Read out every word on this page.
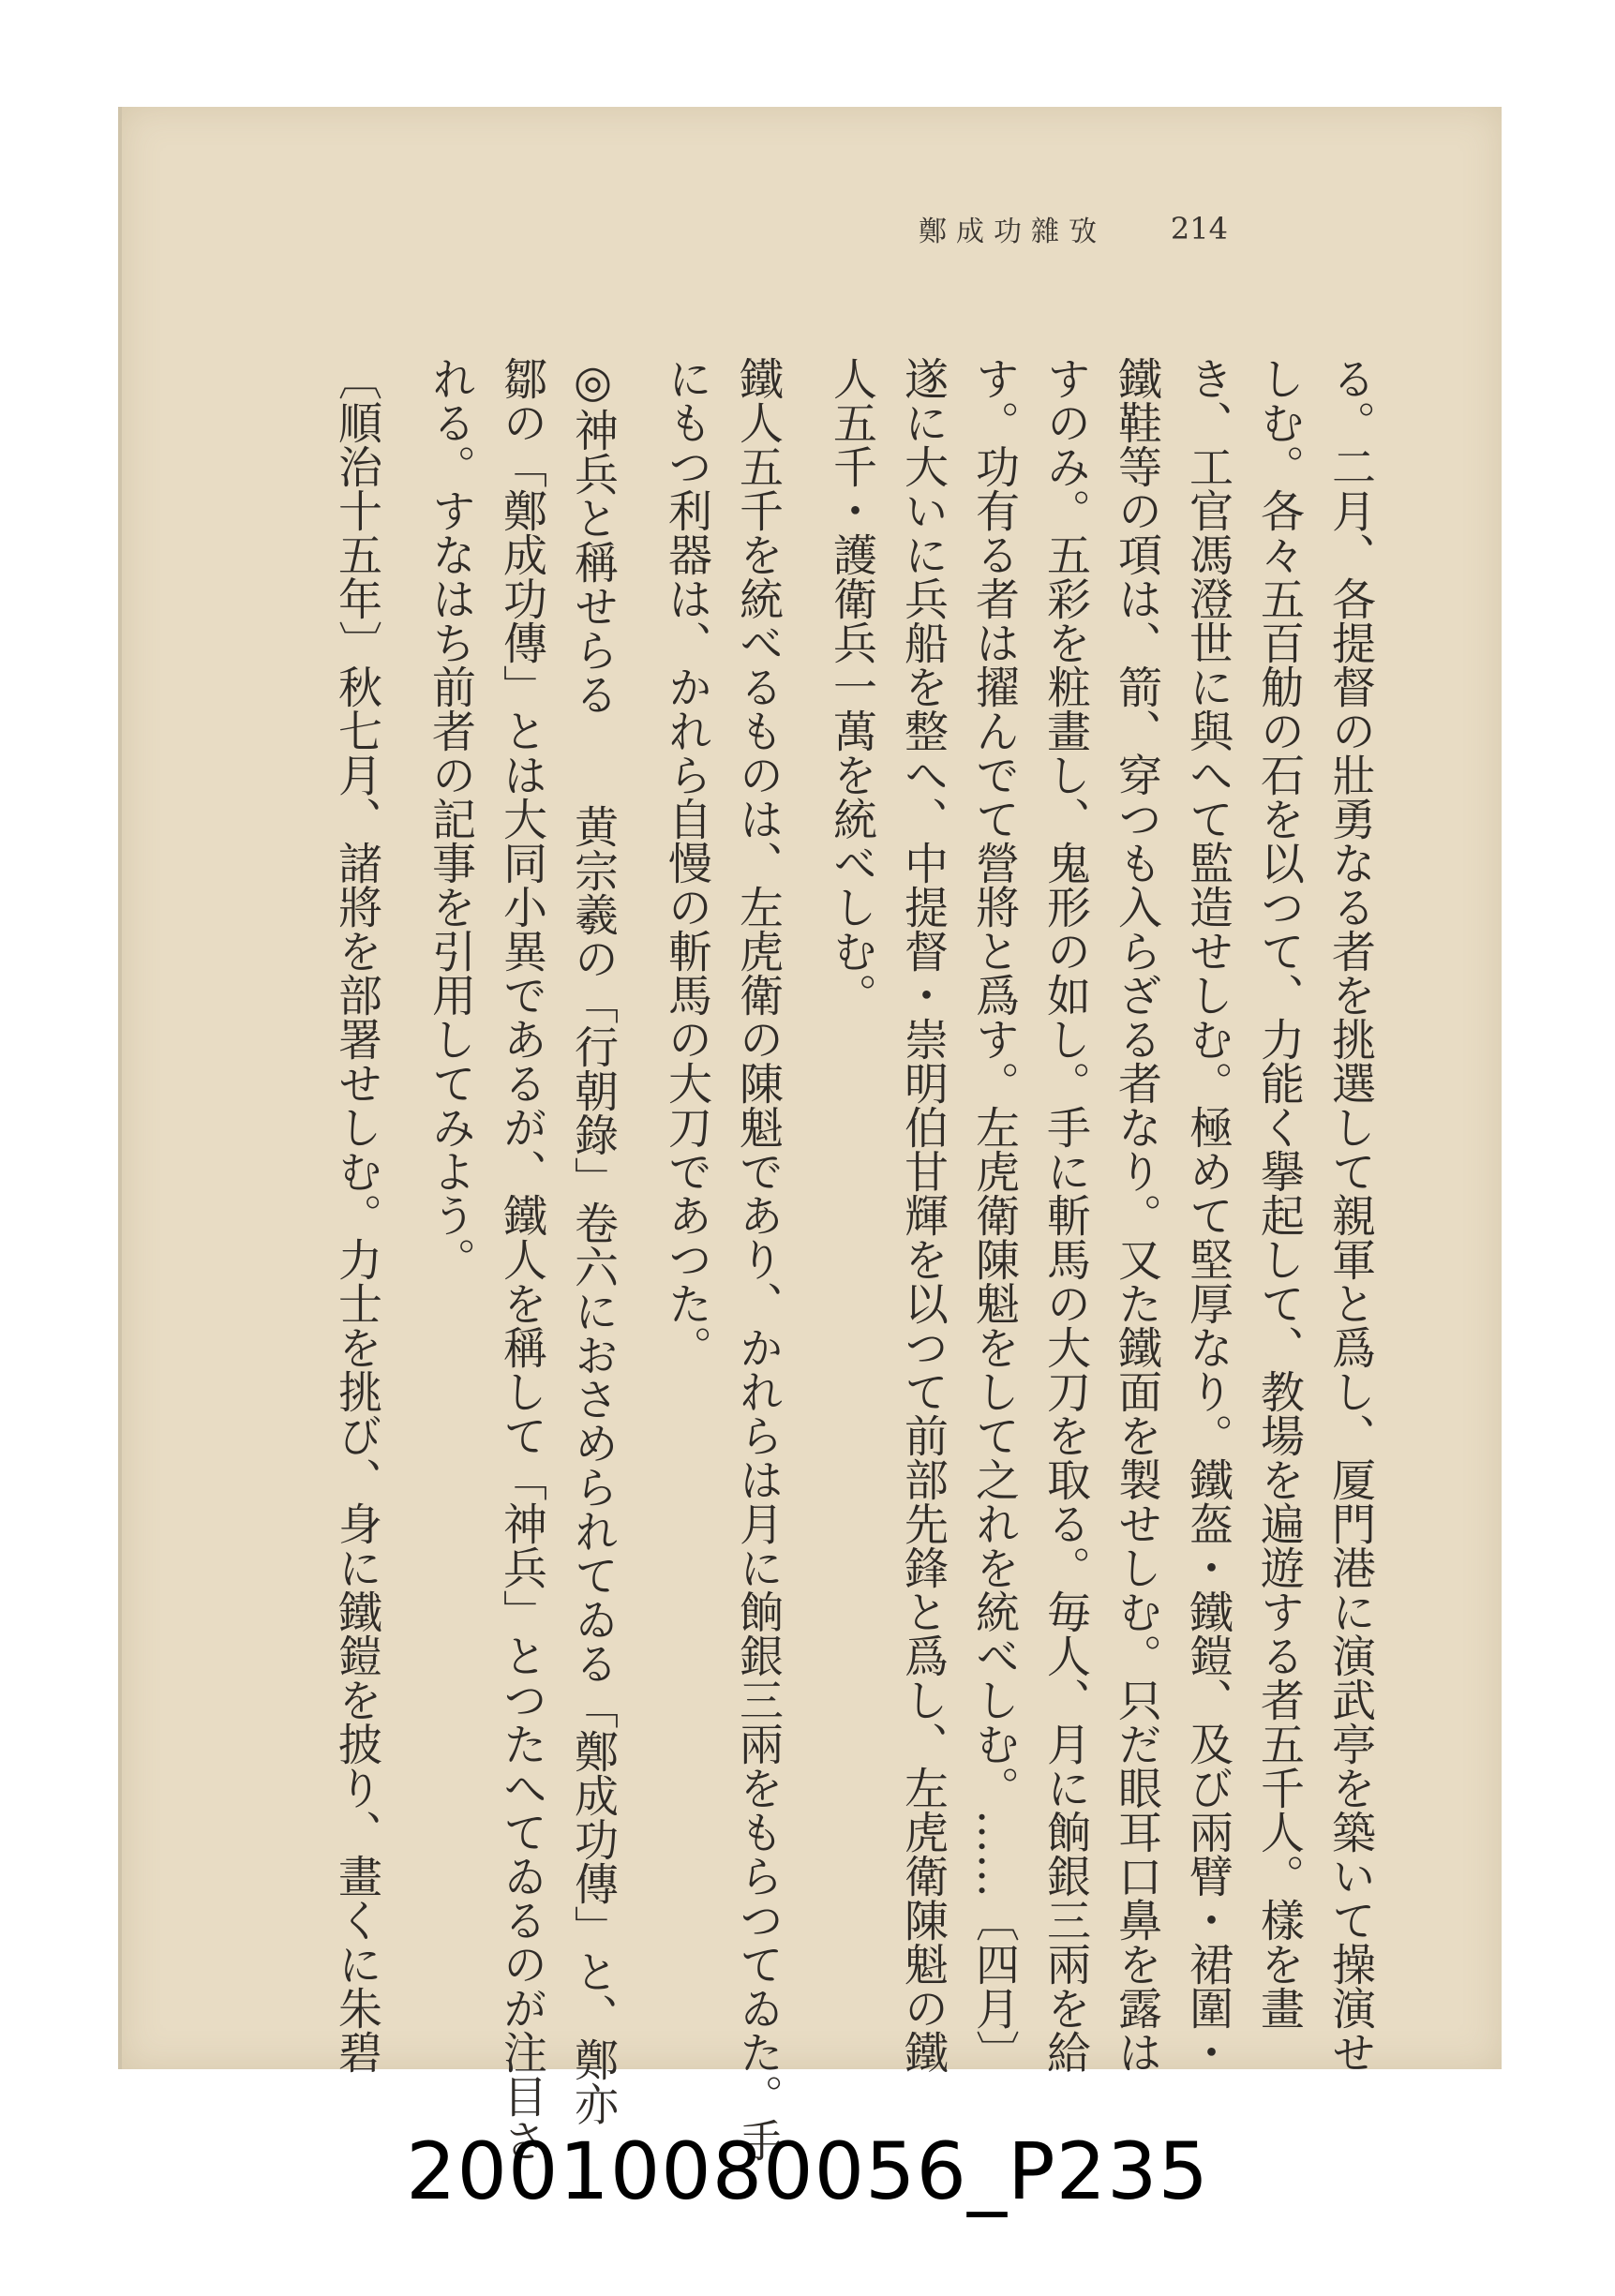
鄭成功雜攷 214
る。二月、各提督の壯勇なる者を挑選して親軍と爲し、厦門港に演武亭を築いて操演せ
しむ。各々五百觔の石を以つて、力能く擧起して、教場を遍遊する者五千人。樣を畫
き、工官馮澄世に與へて監造せしむ。極めて堅厚なり。鐵盔・鐵鎧、及び兩臂・裙圍・
鐵鞋等の項は、箭、穿つも入らざる者なり。又た鐵面を製せしむ。只だ眼耳口鼻を露は
すのみ。五彩を粧畫し、鬼形の如し。手に斬馬の大刀を取る。毎人、月に餉銀三兩を給
す。功有る者は擢んでて營將と爲す。左虎衛陳魁をして之れを統べしむ。……〔四月〕
遂に大いに兵船を整へ、中提督・崇明伯甘輝を以つて前部先鋒と爲し、左虎衛陳魁の鐵
人五千・護衛兵一萬を統べしむ。
鐵人五千を統べるものは、左虎衛の陳魁であり、かれらは月に餉銀三兩をもらつてゐた。手
にもつ利器は、かれら自慢の斬馬の大刀であつた。
◎神兵と稱せらる　　黄宗羲の「行朝錄」卷六におさめられてゐる「鄭成功傳」と、鄭亦
鄒の「鄭成功傳」とは大同小異であるが、鐵人を稱して「神兵」とつたへてゐるのが注目さ
れる。すなはち前者の記事を引用してみよう。
〔順治十五年〕秋七月、諸將を部署せしむ。力士を挑び、身に鐵鎧を披り、畫くに朱碧
20010080056_P235
